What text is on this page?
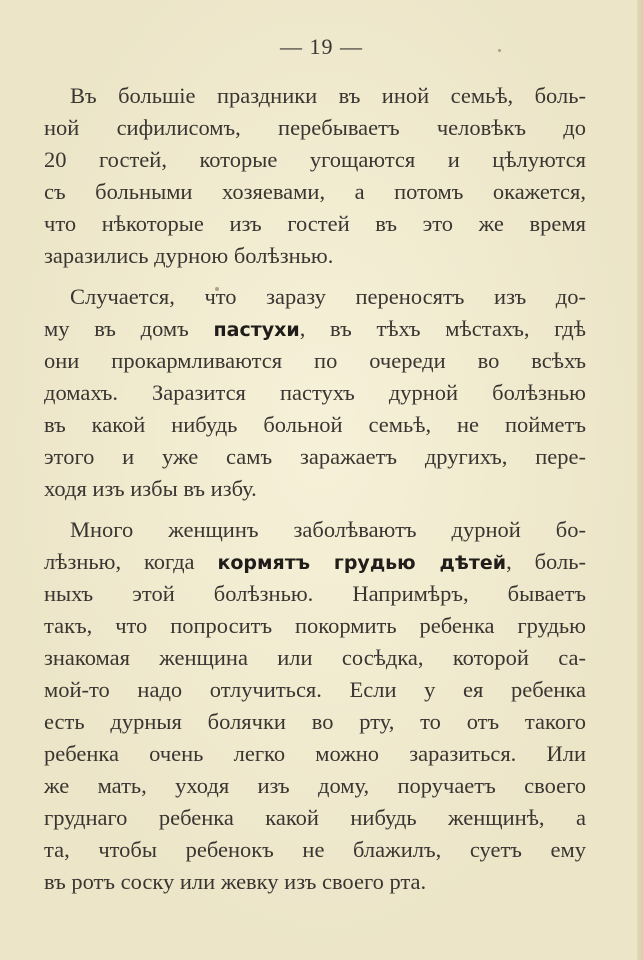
— 19 —
Въ большіе праздники въ иной семьѣ, боль-
ной сифилисомъ, перебываетъ человѣкъ до
20 гостей, которые угощаются и цѣлуются
съ больными хозяевами, а потомъ окажется,
что нѣкоторые изъ гостей въ это же время
заразились дурною болѣзнью.
Случается, что заразу переносятъ изъ до-
му въ домъ пастухи, въ тѣхъ мѣстахъ, гдѣ
они прокармливаются по очереди во всѣхъ
домахъ. Заразится пастухъ дурной болѣзнью
въ какой нибудь больной семьѣ, не пойметъ
этого и уже самъ заражаетъ другихъ, пере-
ходя изъ избы въ избу.
Много женщинъ заболѣваютъ дурной бо-
лѣзнью, когда кормятъ грудью дѣтей, боль-
ныхъ этой болѣзнью. Напримѣръ, бываетъ
такъ, что попроситъ покормить ребенка грудью
знакомая женщина или сосѣдка, которой са-
мой-то надо отлучиться. Если у ея ребенка
есть дурныя болячки во рту, то отъ такого
ребенка очень легко можно заразиться. Или
же мать, уходя изъ дому, поручаетъ своего
груднаго ребенка какой нибудь женщинѣ, а
та, чтобы ребенокъ не блажилъ, суетъ ему
въ ротъ соску или жевку изъ своего рта.
